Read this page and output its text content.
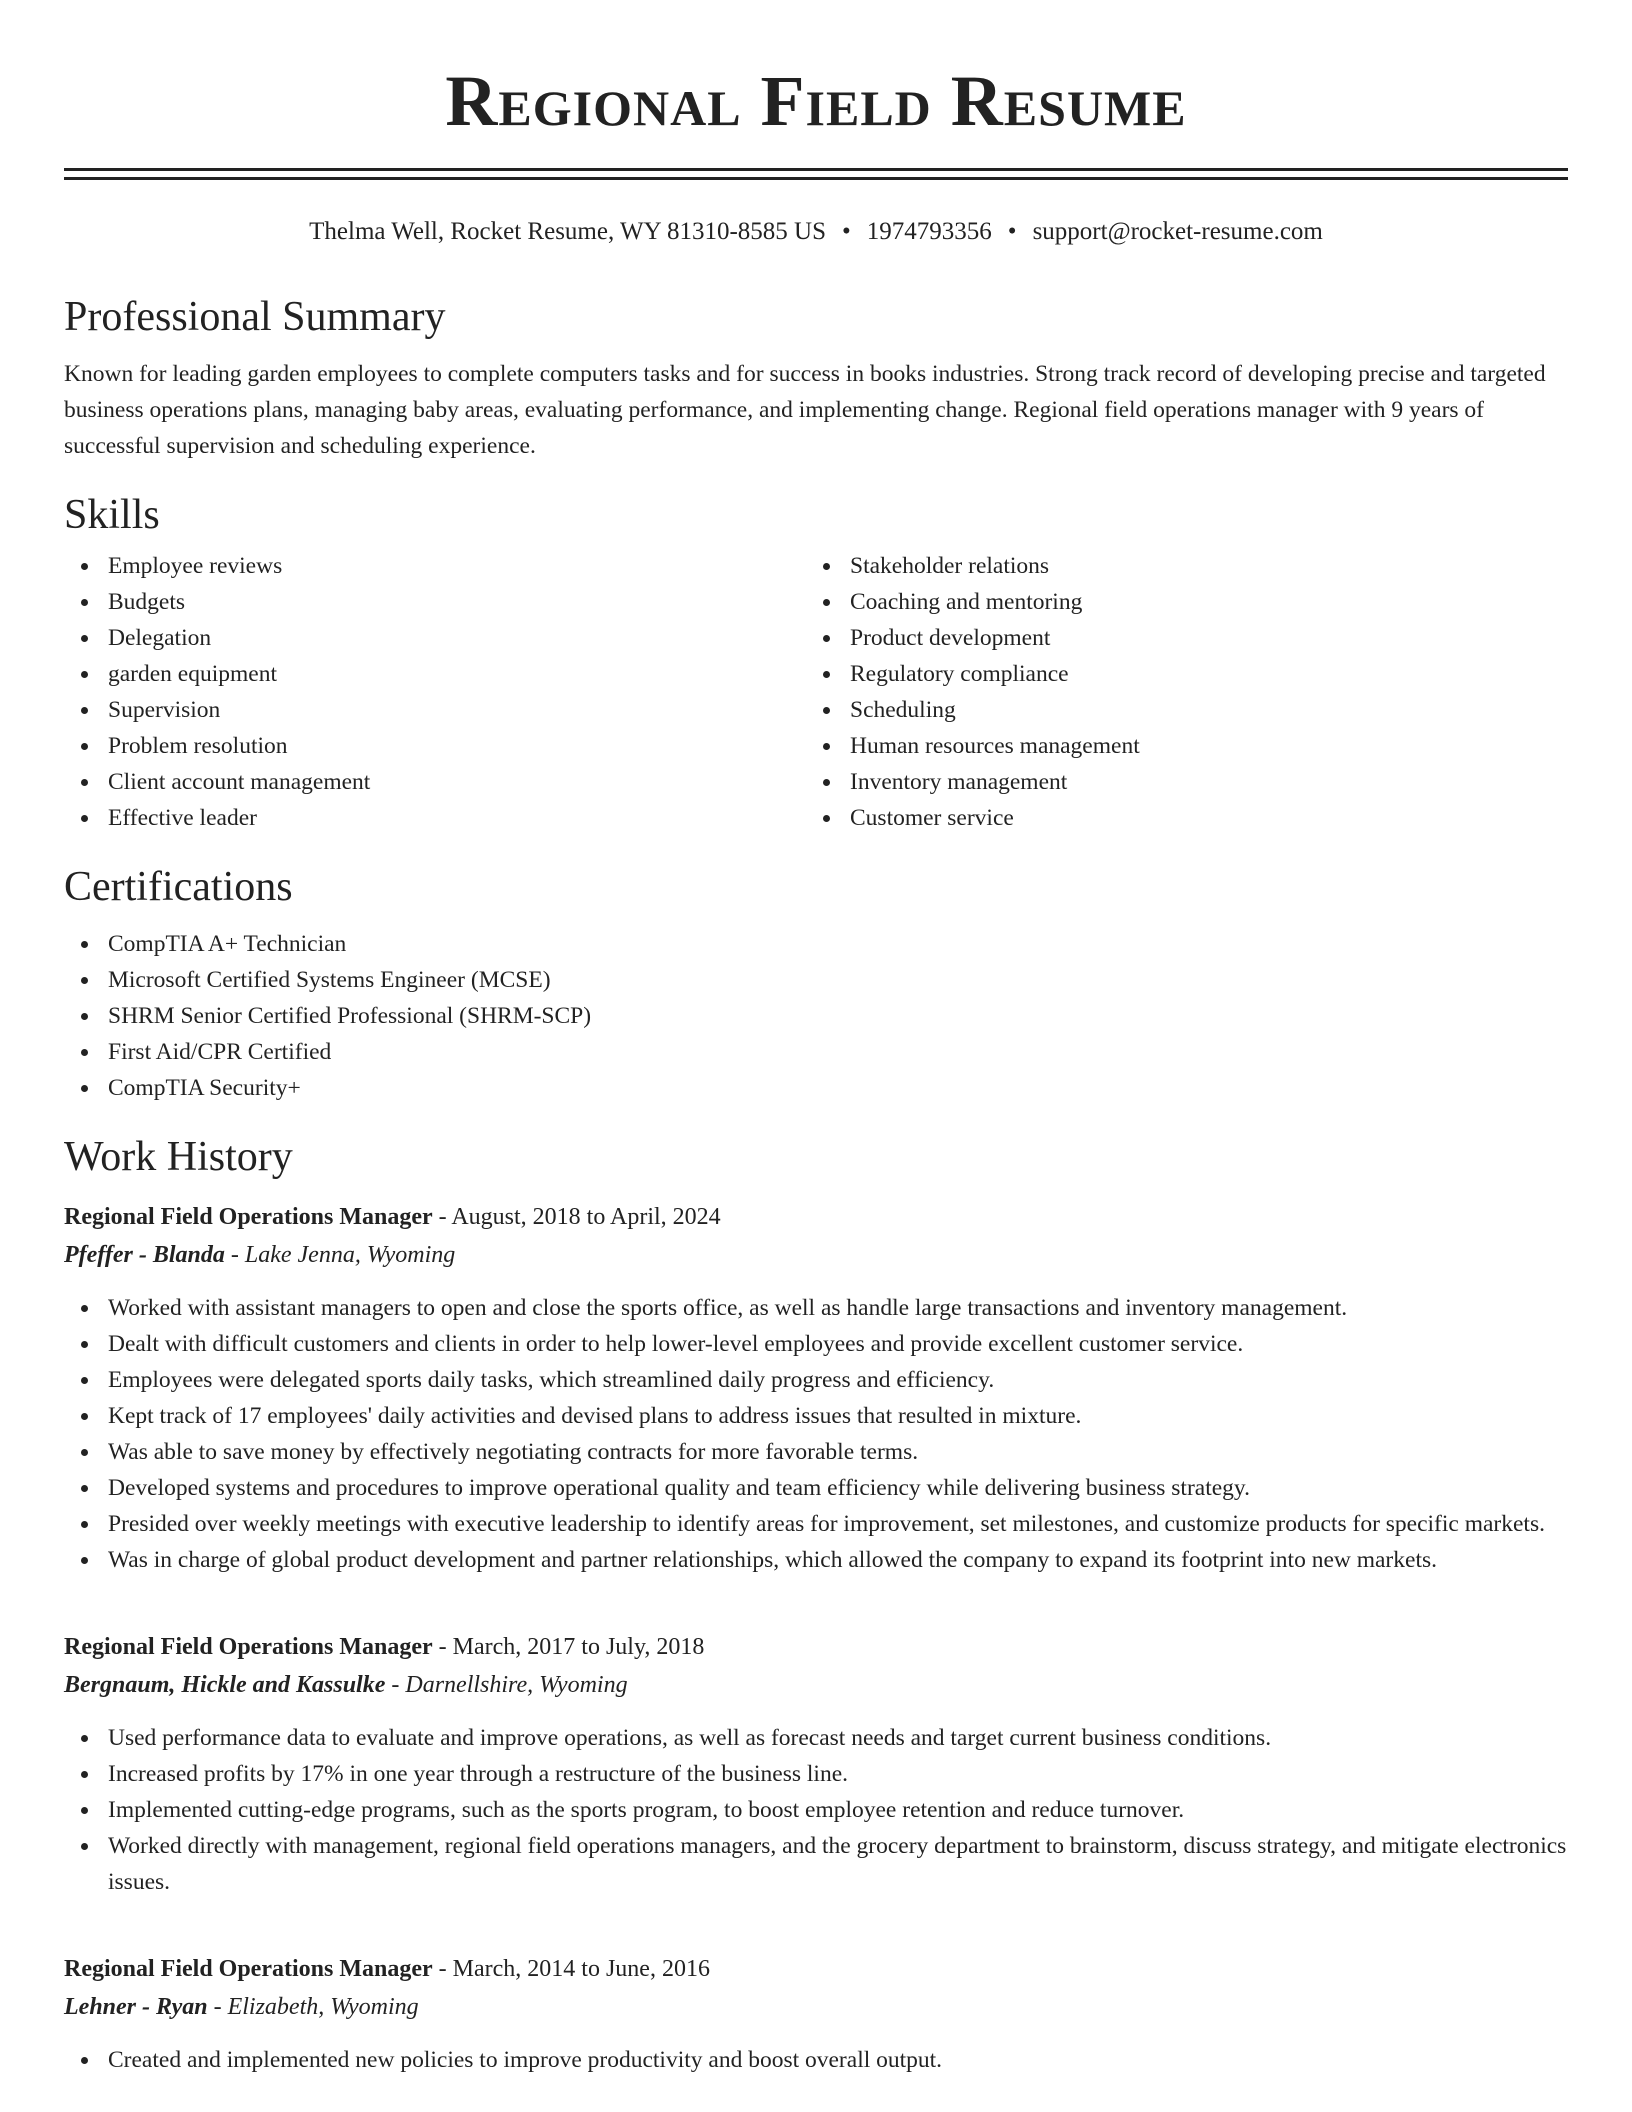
Regional Field Resume
Thelma Well, Rocket Resume, WY 81310-8585 US • 1974793356 • support@rocket-resume.com
Professional Summary

Known for leading garden employees to complete computers tasks and for success in books industries. Strong track record of developing precise and targeted business operations plans, managing baby areas, evaluating performance, and implementing change. Regional field operations manager with 9 years of successful supervision and scheduling experience.

Skills
Employee reviews
Budgets
Delegation
garden equipment
Supervision
Problem resolution
Client account management
Effective leader
Stakeholder relations
Coaching and mentoring
Product development
Regulatory compliance
Scheduling
Human resources management
Inventory management
Customer service
Certifications
CompTIA A+ Technician
Microsoft Certified Systems Engineer (MCSE)
SHRM Senior Certified Professional (SHRM-SCP)
First Aid/CPR Certified
CompTIA Security+
Work History
Regional Field Operations Manager - August, 2018 to April, 2024
Pfeffer - Blanda - Lake Jenna, Wyoming
Worked with assistant managers to open and close the sports office, as well as handle large transactions and inventory management.
Dealt with difficult customers and clients in order to help lower-level employees and provide excellent customer service.
Employees were delegated sports daily tasks, which streamlined daily progress and efficiency.
Kept track of 17 employees' daily activities and devised plans to address issues that resulted in mixture.
Was able to save money by effectively negotiating contracts for more favorable terms.
Developed systems and procedures to improve operational quality and team efficiency while delivering business strategy.
Presided over weekly meetings with executive leadership to identify areas for improvement, set milestones, and customize products for specific markets.
Was in charge of global product development and partner relationships, which allowed the company to expand its footprint into new markets.
Regional Field Operations Manager - March, 2017 to July, 2018
Bergnaum, Hickle and Kassulke - Darnellshire, Wyoming
Used performance data to evaluate and improve operations, as well as forecast needs and target current business conditions.
Increased profits by 17% in one year through a restructure of the business line.
Implemented cutting-edge programs, such as the sports program, to boost employee retention and reduce turnover.
Worked directly with management, regional field operations managers, and the grocery department to brainstorm, discuss strategy, and mitigate electronics issues.
Regional Field Operations Manager - March, 2014 to June, 2016
Lehner - Ryan - Elizabeth, Wyoming
Created and implemented new policies to improve productivity and boost overall output.
